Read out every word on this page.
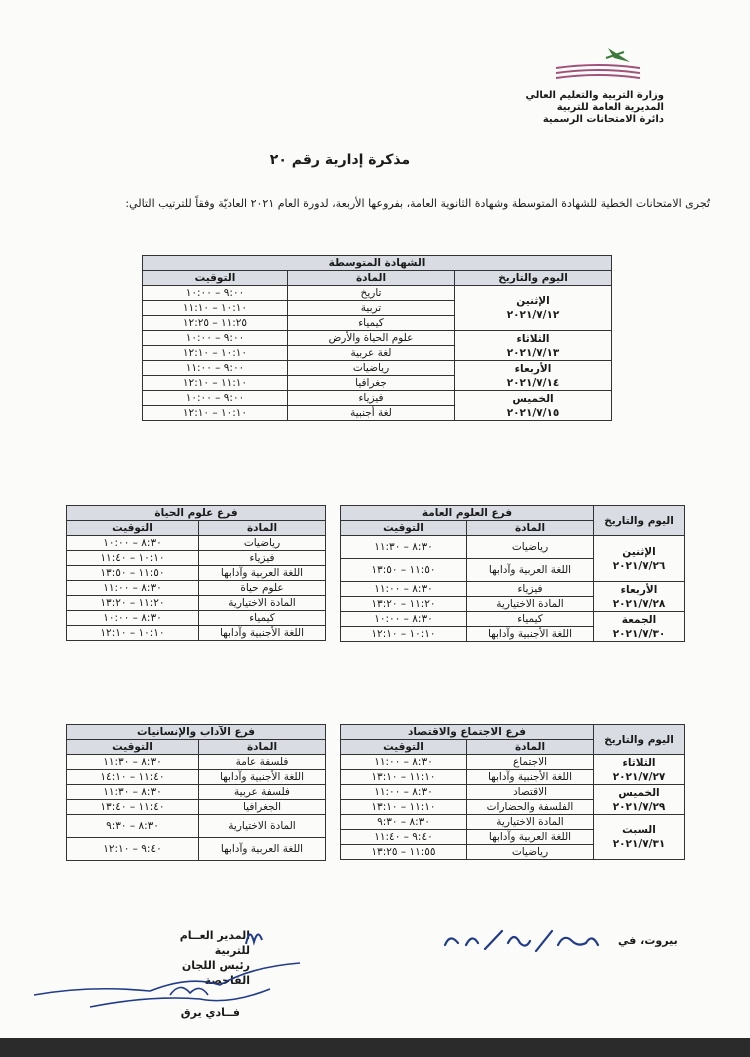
وزارة التربية والتعليم العالي
المديرية العامة للتربية
دائرة الامتحانات الرسمية
مذكرة إدارية رقم ٢٠
تُجرى الامتحانات الخطية للشهادة المتوسطة وشهادة الثانوية العامة، بفروعها الأربعة، لدورة العام ٢٠٢١ العاديّة وفقاً للترتيب التالي:
الشهادة المتوسطة		
اليوم والتاريخ	المادة	التوقيت

الإثنين
٢٠٢١/٧/١٢	تاريخ	٩:٠٠ – ١٠:٠٠
	تربية	١٠:١٠ – ١١:١٠
	كيمياء	١١:٢٥ – ١٢:٢٥

الثلاثاء
٢٠٢١/٧/١٣	علوم الحياة والأرض	٩:٠٠ – ١٠:٠٠
	لغة عربية	١٠:١٠ – ١٢:١٠

الأربعاء
٢٠٢١/٧/١٤	رياضيات	٩:٠٠ – ١١:٠٠
	جغرافيا	١١:١٠ – ١٢:١٠

الخميس
٢٠٢١/٧/١٥	فيزياء	٩:٠٠ – ١٠:٠٠
	لغة أجنبية	١٠:١٠ – ١٢:١٠
اليوم والتاريخ	فرع العلوم العامة	
	المادة	التوقيت

الإثنين
٢٠٢١/٧/٢٦	رياضيات	٨:٣٠ – ١١:٣٠
	اللغة العربية وآدابها	١١:٥٠ – ١٣:٥٠

الأربعاء
٢٠٢١/٧/٢٨	فيزياء	٨:٣٠ – ١١:٠٠
	المادة الاختيارية	١١:٢٠ – ١٣:٢٠

الجمعة
٢٠٢١/٧/٣٠	كيمياء	٨:٣٠ – ١٠:٠٠
	اللغة الأجنبية وآدابها	١٠:١٠ – ١٢:١٠
فرع علوم الحياة	
المادة	التوقيت
رياضيات	٨:٣٠ – ١٠:٠٠
فيزياء	١٠:١٠ – ١١:٤٠
اللغة العربية وآدابها	١١:٥٠ – ١٣:٥٠
علوم حياة	٨:٣٠ – ١١:٠٠
المادة الاختيارية	١١:٢٠ – ١٣:٢٠
كيمياء	٨:٣٠ – ١٠:٠٠
اللغة الأجنبية وآدابها	١٠:١٠ – ١٢:١٠
اليوم والتاريخ	فرع الاجتماع والاقتصاد	
	المادة	التوقيت

الثلاثاء
٢٠٢١/٧/٢٧	الاجتماع	٨:٣٠ – ١١:٠٠
	اللغة الأجنبية وآدابها	١١:١٠ – ١٣:١٠

الخميس
٢٠٢١/٧/٢٩	الاقتصاد	٨:٣٠ – ١١:٠٠
	الفلسفة والحضارات	١١:١٠ – ١٣:١٠

السبت
٢٠٢١/٧/٣١	المادة الاختيارية	٨:٣٠ – ٩:٣٠
	اللغة العربية وآدابها	٩:٤٠ – ١١:٤٠
	رياضيات	١١:٥٥ – ١٣:٢٥
فرع الآداب والإنسانيات	
المادة	التوقيت
فلسفة عامة	٨:٣٠ – ١١:٣٠
اللغة الأجنبية وآدابها	١١:٤٠ – ١٤:١٠
فلسفة عربية	٨:٣٠ – ١١:٣٠
الجغرافيا	١١:٤٠ – ١٣:٤٠
المادة الاختيارية	٨:٣٠ – ٩:٣٠
اللغة العربية وآدابها	٩:٤٠ – ١٢:١٠
بيروت، في
المدير العــام للتربية
رئيس اللجان الفاحصة
فــادي يرق
